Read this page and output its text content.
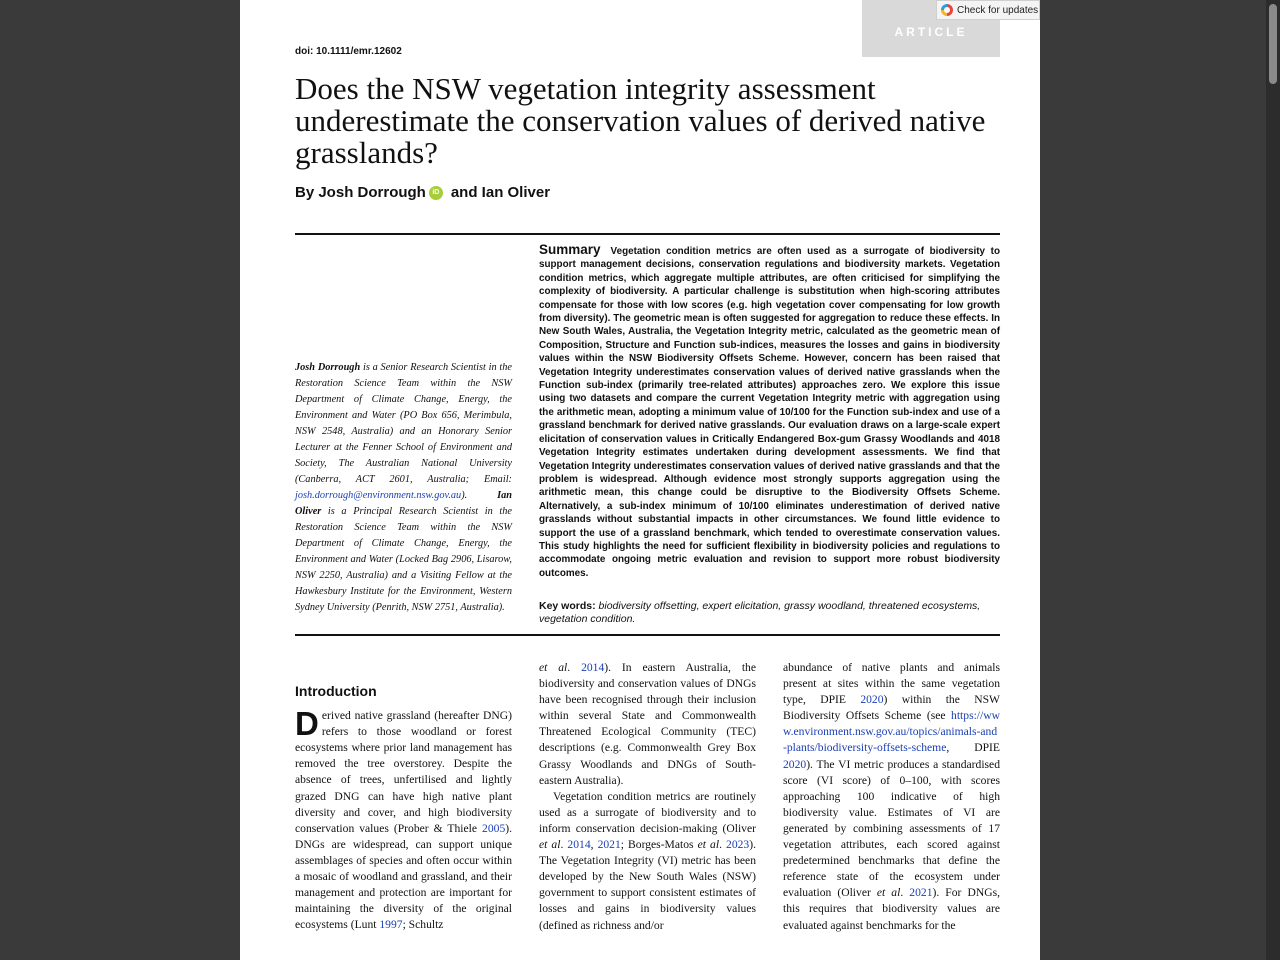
ARTICLE
Check for updates
doi: 10.1111/emr.12602
Does the NSW vegetation integrity assessment underestimate the conservation values of derived native grasslands?
By Josh Dorrough iD and Ian Oliver
Josh Dorrough is a Senior Research Scientist in the Restoration Science Team within the NSW Department of Climate Change, Energy, the Environment and Water (PO Box 656, Merimbula, NSW 2548, Australia) and an Honorary Senior Lecturer at the Fenner School of Environment and Society, The Australian National University (Canberra, ACT 2601, Australia; Email: josh.dorrough@environment.nsw.gov.au). Ian Oliver is a Principal Research Scientist in the Restoration Science Team within the NSW Department of Climate Change, Energy, the Environment and Water (Locked Bag 2906, Lisarow, NSW 2250, Australia) and a Visiting Fellow at the Hawkesbury Institute for the Environment, Western Sydney University (Penrith, NSW 2751, Australia).
Summary Vegetation condition metrics are often used as a surrogate of biodiversity to support management decisions, conservation regulations and biodiversity markets. Vegetation condition metrics, which aggregate multiple attributes, are often criticised for simplifying the complexity of biodiversity. A particular challenge is substitution when high-scoring attributes compensate for those with low scores (e.g. high vegetation cover compensating for low growth from diversity). The geometric mean is often suggested for aggregation to reduce these effects. In New South Wales, Australia, the Vegetation Integrity metric, calculated as the geometric mean of Composition, Structure and Function sub-indices, measures the losses and gains in biodiversity values within the NSW Biodiversity Offsets Scheme. However, concern has been raised that Vegetation Integrity underestimates conservation values of derived native grasslands when the Function sub-index (primarily tree-related attributes) approaches zero. We explore this issue using two datasets and compare the current Vegetation Integrity metric with aggregation using the arithmetic mean, adopting a minimum value of 10/100 for the Function sub-index and use of a grassland benchmark for derived native grasslands. Our evaluation draws on a large-scale expert elicitation of conservation values in Critically Endangered Box-gum Grassy Woodlands and 4018 Vegetation Integrity estimates undertaken during development assessments. We find that Vegetation Integrity underestimates conservation values of derived native grasslands and that the problem is widespread. Although evidence most strongly supports aggregation using the arithmetic mean, this change could be disruptive to the Biodiversity Offsets Scheme. Alternatively, a sub-index minimum of 10/100 eliminates underestimation of derived native grasslands without substantial impacts in other circumstances. We found little evidence to support the use of a grassland benchmark, which tended to overestimate conservation values. This study highlights the need for sufficient flexibility in biodiversity policies and regulations to accommodate ongoing metric evaluation and revision to support more robust biodiversity outcomes.
Key words: biodiversity offsetting, expert elicitation, grassy woodland, threatened ecosystems, vegetation condition.
Introduction

Derived native grassland (hereafter DNG) refers to those woodland or forest ecosystems where prior land management has removed the tree overstorey. Despite the absence of trees, unfertilised and lightly grazed DNG can have high native plant diversity and cover, and high biodiversity conservation values (Prober & Thiele 2005). DNGs are widespread, can support unique assemblages of species and often occur within a mosaic of woodland and grassland, and their management and protection are important for maintaining the diversity of the original ecosystems (Lunt 1997; Schultz

et al. 2014). In eastern Australia, the biodiversity and conservation values of DNGs have been recognised through their inclusion within several State and Commonwealth Threatened Ecological Community (TEC) descriptions (e.g. Commonwealth Grey Box Grassy Woodlands and DNGs of South-eastern Australia).

Vegetation condition metrics are routinely used as a surrogate of biodiversity and to inform conservation decision-making (Oliver et al. 2014, 2021; Borges-Matos et al. 2023). The Vegetation Integrity (VI) metric has been developed by the New South Wales (NSW) government to support consistent estimates of losses and gains in biodiversity values (defined as richness and/or

abundance of native plants and animals present at sites within the same vegetation type, DPIE 2020) within the NSW Biodiversity Offsets Scheme (see https://www.environment.nsw.gov.au/topics/animals-and-plants/biodiversity-offsets-scheme, DPIE 2020). The VI metric produces a standardised score (VI score) of 0–100, with scores approaching 100 indicative of high biodiversity value. Estimates of VI are generated by combining assessments of 17 vegetation attributes, each scored against predetermined benchmarks that define the reference state of the ecosystem under evaluation (Oliver et al. 2021). For DNGs, this requires that biodiversity values are evaluated against benchmarks for the
